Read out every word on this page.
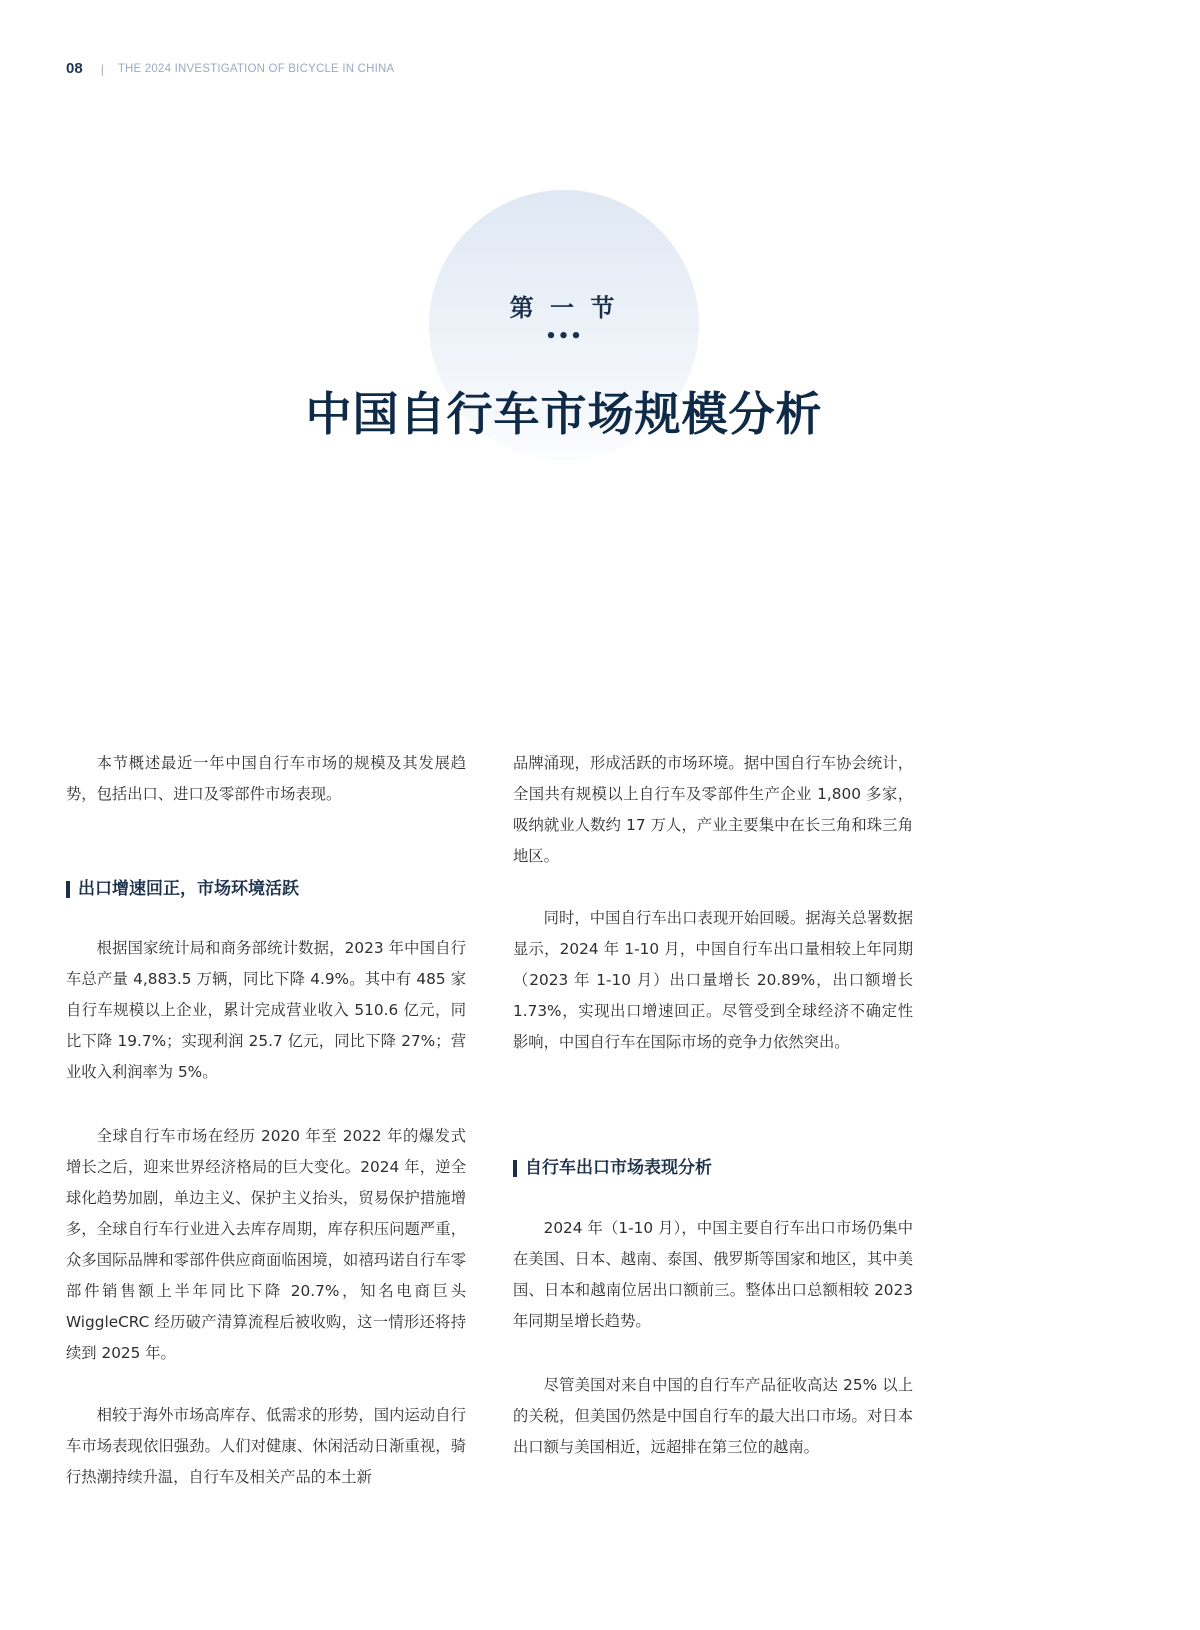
08 | THE 2024 INVESTIGATION OF BICYCLE IN CHINA
第 一 节
•••
中国自行车市场规模分析

本节概述最近一年中国自行车市场的规模及其发展趋势，包括出口、进口及零部件市场表现。

出口增速回正，市场环境活跃

根据国家统计局和商务部统计数据，2023 年中国自行车总产量 4,883.5 万辆，同比下降 4.9%。其中有 485 家自行车规模以上企业，累计完成营业收入 510.6 亿元，同比下降 19.7%；实现利润 25.7 亿元，同比下降 27%；营业收入利润率为 5%。

全球自行车市场在经历 2020 年至 2022 年的爆发式增长之后，迎来世界经济格局的巨大变化。2024 年，逆全球化趋势加剧，单边主义、保护主义抬头，贸易保护措施增多，全球自行车行业进入去库存周期，库存积压问题严重，众多国际品牌和零部件供应商面临困境，如禧玛诺自行车零部件销售额上半年同比下降 20.7%，知名电商巨头 WiggleCRC 经历破产清算流程后被收购，这一情形还将持续到 2025 年。

相较于海外市场高库存、低需求的形势，国内运动自行车市场表现依旧强劲。人们对健康、休闲活动日渐重视，骑行热潮持续升温，自行车及相关产品的本土新

品牌涌现，形成活跃的市场环境。据中国自行车协会统计，全国共有规模以上自行车及零部件生产企业 1,800 多家，吸纳就业人数约 17 万人，产业主要集中在长三角和珠三角地区。

同时，中国自行车出口表现开始回暖。据海关总署数据显示，2024 年 1-10 月，中国自行车出口量相较上年同期（2023 年 1-10 月）出口量增长 20.89%，出口额增长 1.73%，实现出口增速回正。尽管受到全球经济不确定性影响，中国自行车在国际市场的竞争力依然突出。

自行车出口市场表现分析

2024 年（1-10 月），中国主要自行车出口市场仍集中在美国、日本、越南、泰国、俄罗斯等国家和地区，其中美国、日本和越南位居出口额前三。整体出口总额相较 2023 年同期呈增长趋势。

尽管美国对来自中国的自行车产品征收高达 25% 以上的关税，但美国仍然是中国自行车的最大出口市场。对日本出口额与美国相近，远超排在第三位的越南。
